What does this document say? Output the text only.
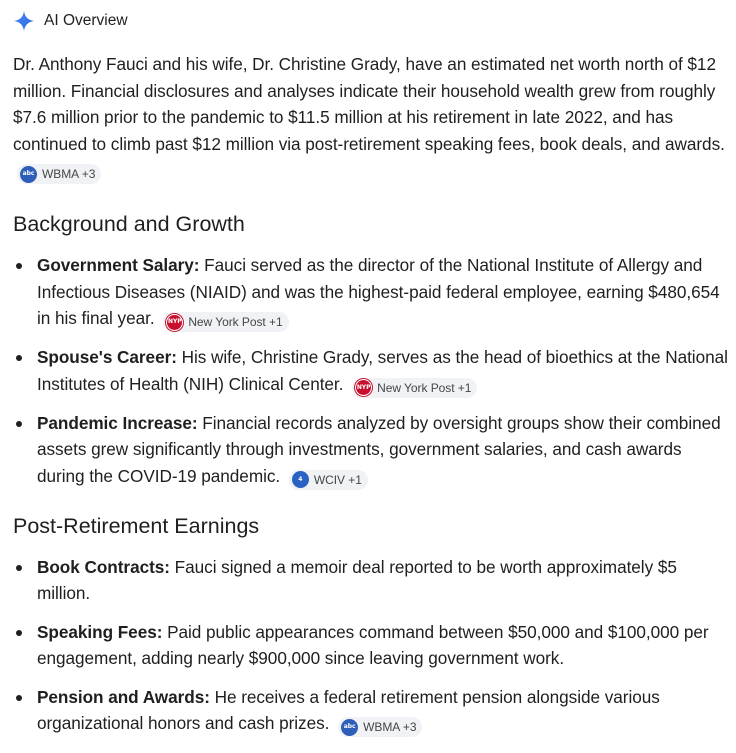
AI Overview

Dr. Anthony Fauci and his wife, Dr. Christine Grady, have an estimated net worth north of $12 million. Financial disclosures and analyses indicate their household wealth grew from roughly $7.6 million prior to the pandemic to $11.5 million at his retirement in late 2022, and has continued to climb past $12 million via post-retirement speaking fees, book deals, and awards.
abc WBMA +3

Background and Growth
Government Salary: Fauci served as the director of the National Institute of Allergy and Infectious Diseases (NIAID) and was the highest-paid federal employee, earning $480,654 in his final year. NYP New York Post +1
Spouse's Career: His wife, Christine Grady, serves as the head of bioethics at the National Institutes of Health (NIH) Clinical Center. NYP New York Post +1
Pandemic Increase: Financial records analyzed by oversight groups show their combined assets grew significantly through investments, government salaries, and cash awards during the COVID-19 pandemic.	4 WCIV +1
Post-Retirement Earnings
Book Contracts: Fauci signed a memoir deal reported to be worth approximately $5 million.
Speaking Fees: Paid public appearances command between $50,000 and $100,000 per engagement, adding nearly $900,000 since leaving government work.
Pension and Awards: He receives a federal retirement pension alongside various organizational honors and cash prizes.	abc WBMA +3
